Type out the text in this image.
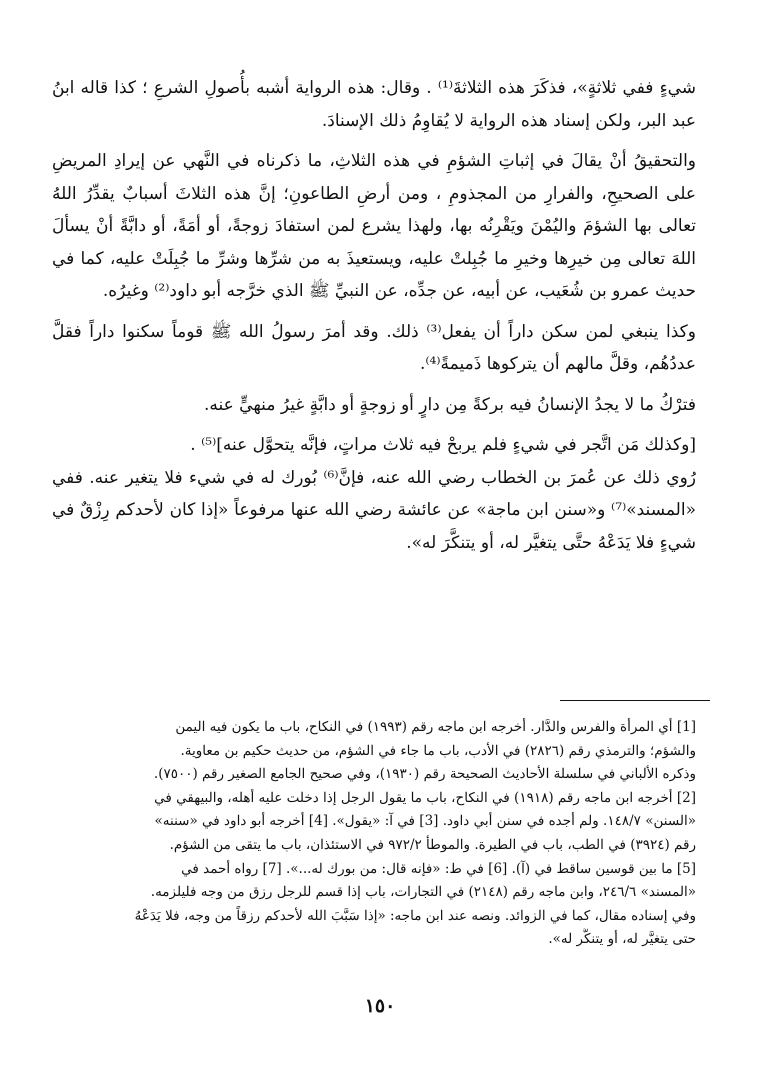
شيءٍ ففي ثلاثةٍ»، فذكَرَ هذه الثلاثةَ⁽¹⁾ . وقال: هذه الرواية أشبه بأُصولِ الشرعِ ؛ كذا قاله ابنُ عبد البر، ولكن إسناد هذه الرواية لا يُقاوِمُ ذلك الإسنادَ.

والتحقيقُ أنْ يقالَ في إثباتِ الشؤمِ في هذه الثلاثِ، ما ذكرناه في النَّهي عن إيرادِ المريضِ على الصحيحِ، والفرارِ من المجذومِ ، ومن أرضِ الطاعونِ؛ إنَّ هذه الثلاثَ أسبابٌ يقدِّرُ اللهُ تعالى بها الشؤمَ واليُمْنَ ويَقْرِنُه بها، ولهذا يشرع لمن استفادَ زوجةً، أو أمَةً، أو دابَّةً أنْ يسألَ اللهَ تعالى مِن خيرِها وخيرِ ما جُبِلتْ عليه، ويستعيذَ به من شرِّها وشرِّ ما جُبِلَتْ عليه، كما في حديث عمرو بن شُعَيب، عن أبيه، عن جدِّه، عن النبيِّ ﷺ الذي خرَّجه أبو داود⁽²⁾ وغيرُه.

وكذا ينبغي لمن سكن داراً أن يفعل⁽³⁾ ذلك. وقد أمرَ رسولُ الله ﷺ قوماً سكنوا داراً فقلَّ عددُهُم، وقلَّ مالهم أن يتركوها ذَميمةً⁽⁴⁾.

فترْكُ ما لا يجدُ الإنسانُ فيه بركةً مِن دارٍ أو زوجةٍ أو دابَّةٍ غيرُ منهيٍّ عنه.

[وكذلك مَن اتَّجر في شيءٍ فلم يربحْ فيه ثلاث مراتٍ، فإنَّه يتحوَّل عنه]⁽⁵⁾ .

رُوي ذلك عن عُمرَ بن الخطاب رضي الله عنه، فإنَّ⁽⁶⁾ بُورك له في شيء فلا يتغير عنه. ففي «المسند»⁽⁷⁾ و«سنن ابن ماجة» عن عائشة رضي الله عنها مرفوعاً «إذا كان لأحدكم رِزْقٌ في شيءٍ فلا يَدَعْهُ حتَّى يتغيَّر له، أو يتنكَّرَ له».

[1] أي المرأة والفرس والدَّار. أخرجه ابن ماجه رقم (١٩٩٣) في النكاح، باب ما يكون فيه اليمن

والشؤم؛ والترمذي رقم (٢٨٢٦) في الأدب، باب ما جاء في الشؤم، من حديث حكيم بن معاوية.

وذكره الألباني في سلسلة الأحاديث الصحيحة رقم (١٩٣٠)، وفي صحيح الجامع الصغير رقم (٧٥٠٠).

[2] أخرجه ابن ماجه رقم (١٩١٨) في النكاح، باب ما يقول الرجل إذا دخلت عليه أهله، والبيهقي في

«السنن» ١٤٨/٧. ولم أجده في سنن أبي داود. [3] في آ: «يقول». [4] أخرجه أبو داود في «سننه»

رقم (٣٩٢٤) في الطب، باب في الطيرة. والموطأ ٩٧٢/٢ في الاستئذان، باب ما يتقى من الشؤم.

[5] ما بين قوسين ساقط في (آ). [6] في ط: «فإنه قال: من بورك له...». [7] رواه أحمد في

«المسند» ٢٤٦/٦، وابن ماجه رقم (٢١٤٨) في التجارات، باب إذا قسم للرجل رزق من وجه فليلزمه.

وفي إسناده مقال، كما في الزوائد. ونصه عند ابن ماجه: «إذا سَبَّبَ الله لأحدكم رزقاً من وجه، فلا يَدَعْهُ

حتى يتغيَّر له، أو يتنكَّر له».

١٥٠
